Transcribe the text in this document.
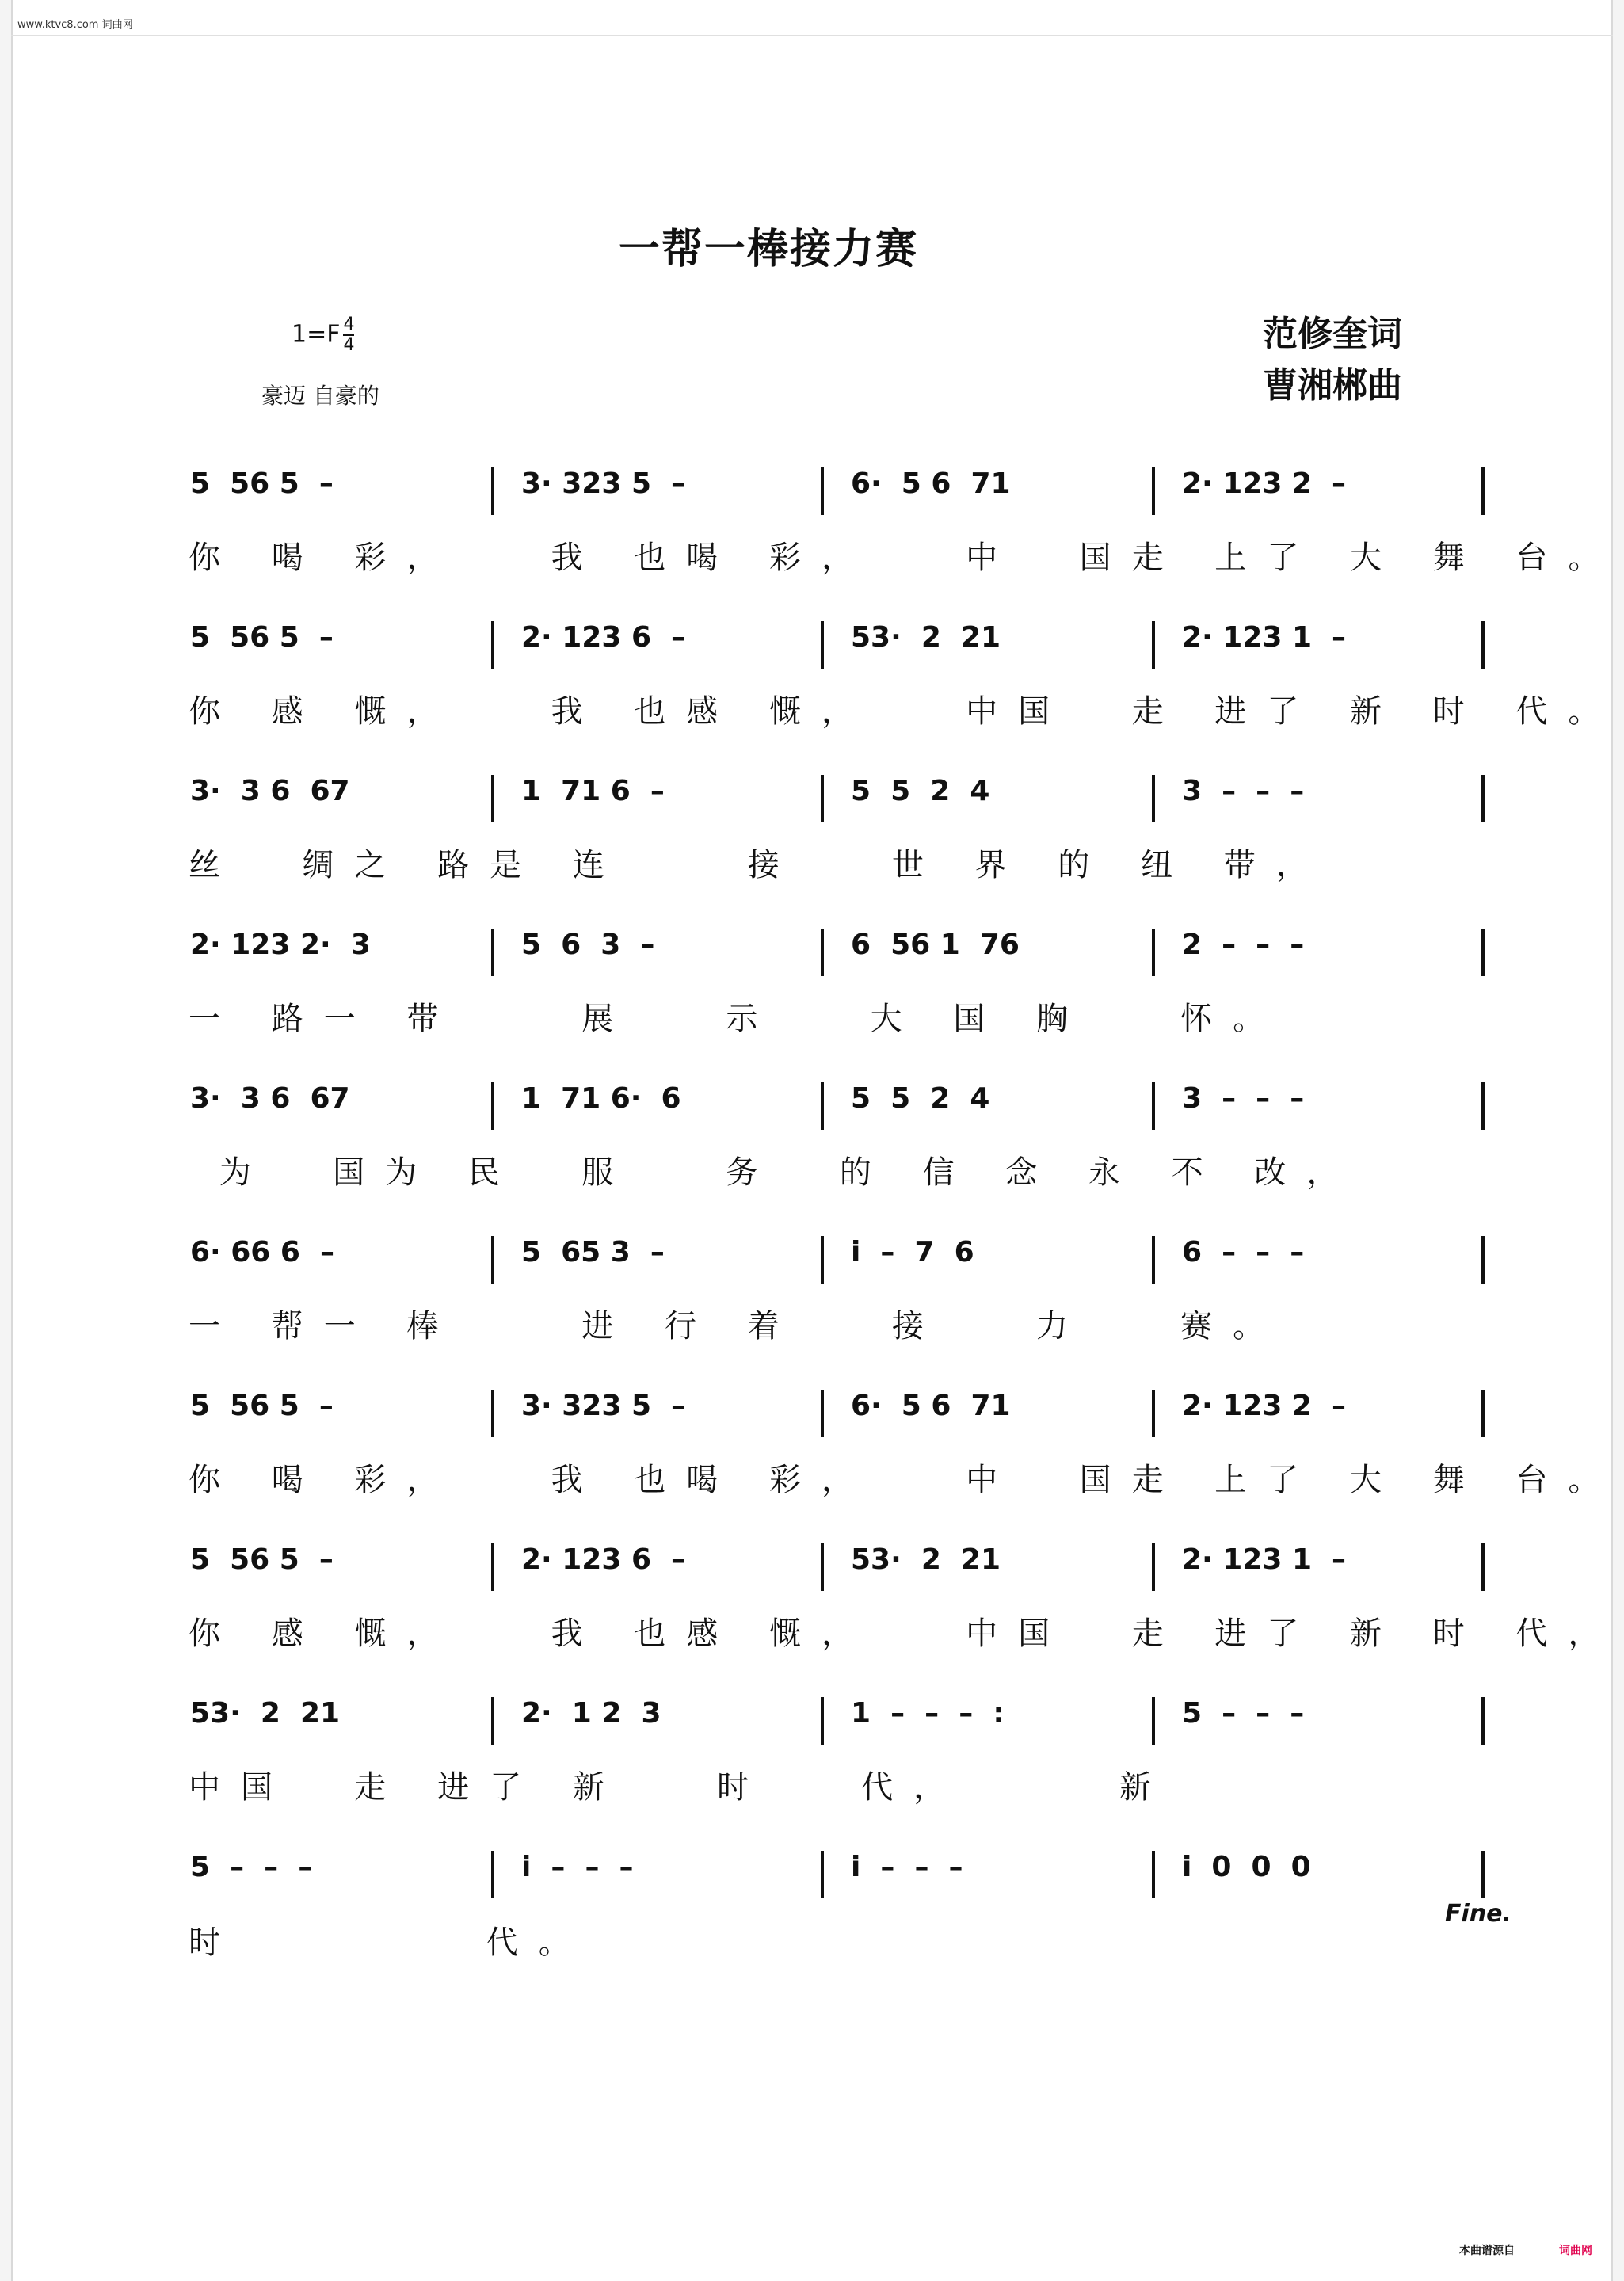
www.ktvc8.com 词曲网
一帮一棒接力赛
$1=F \frac{4}{4}$
豪迈 自豪的
范修奎词
曹湘郴曲
5  56 5  –	3· 323 5  –	6·  5 6  71	2· 123 2  –
你 喝 彩，   我 也喝 彩，   中  国走 上了 大 舞 台。
5  56 5  –	2· 123 6  –	53·  2  21	2· 123 1  –
你 感 慨，   我 也感 慨，   中国  走 进了 新 时 代。
3·  3 6  67	1  71 6  –	5  5  2  4	3  –  –  –
丝  绸之 路是 连    接   世 界 的 纽 带，
2· 123 2·  3	5  6  3  –	6  56 1  76	2  –  –  –
一 路一 带    展   示   大 国 胸   怀。
3·  3 6  67	1  71 6·  6	5  5  2  4	3  –  –  –
为  国为 民  服   务  的 信 念 永 不 改，
6· 66 6  –	5  65 3  –	i  –  7  6	6  –  –  –
一 帮一 棒    进 行 着   接   力   赛。
5  56 5  –	3· 323 5  –	6·  5 6  71	2· 123 2  –
你 喝 彩，   我 也喝 彩，   中  国走 上了 大 舞 台。
5  56 5  –	2· 123 6  –	53·  2  21	2· 123 1  –
你 感 慨，   我 也感 慨，   中国  走 进了 新 时 代，
53·  2  21	2·  1 2  3	1  –  –  –  :	5  –  –  –
中国  走 进了 新   时   代，     新
5  –  –  –	i  –  –  –	i  –  –  –	i  0  0  0
时        代。
Fine.
本曲谱源自	词曲网
